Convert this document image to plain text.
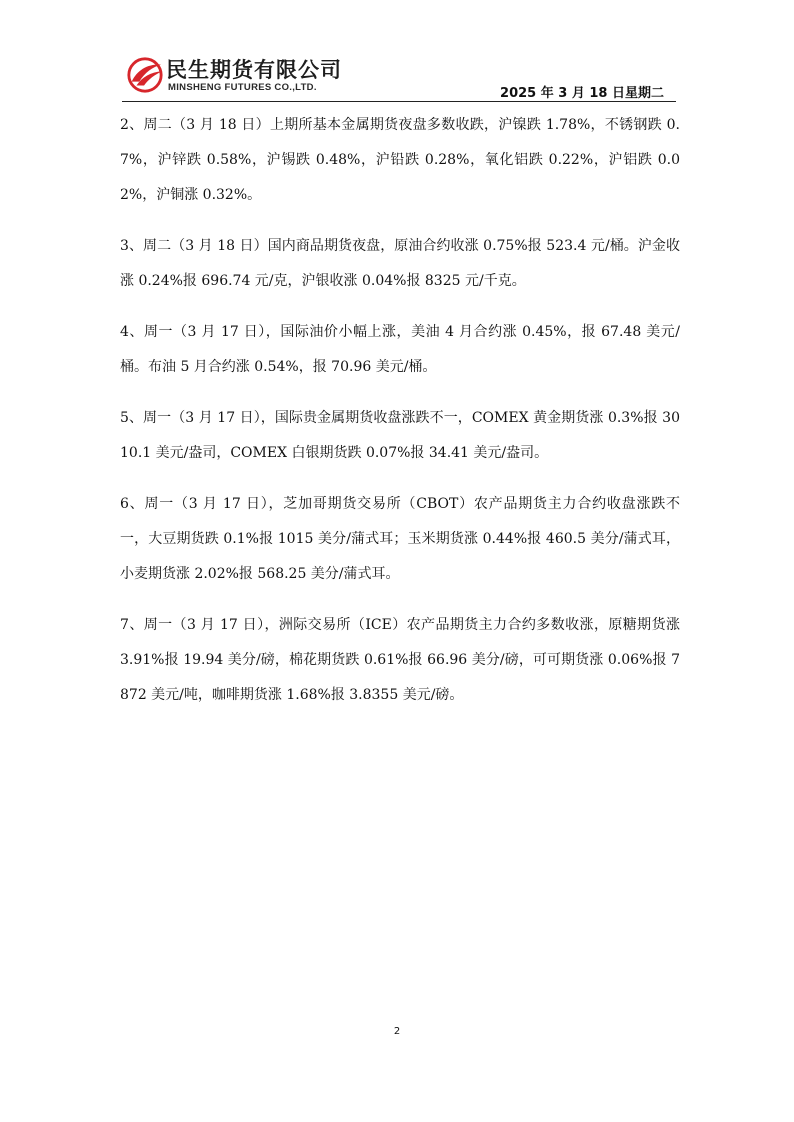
民生期货有限公司
MINSHENG FUTURES CO.,LTD.	2025 年 3 月 18 日星期二

2、周二（3 月 18 日）上期所基本金属期货夜盘多数收跌，沪镍跌 1.78%，不锈钢跌 0.7%，沪锌跌 0.58%，沪锡跌 0.48%，沪铅跌 0.28%，氧化铝跌 0.22%，沪铝跌 0.02%，沪铜涨 0.32%。

3、周二（3 月 18 日）国内商品期货夜盘，原油合约收涨 0.75%报 523.4 元/桶。沪金收涨 0.24%报 696.74 元/克，沪银收涨 0.04%报 8325 元/千克。

4、周一（3 月 17 日），国际油价小幅上涨，美油 4 月合约涨 0.45%，报 67.48 美元/桶。布油 5 月合约涨 0.54%，报 70.96 美元/桶。

5、周一（3 月 17 日），国际贵金属期货收盘涨跌不一，COMEX 黄金期货涨 0.3%报 3010.1 美元/盎司，COMEX 白银期货跌 0.07%报 34.41 美元/盎司。

6、周一（3 月 17 日），芝加哥期货交易所（CBOT）农产品期货主力合约收盘涨跌不一，大豆期货跌 0.1%报 1015 美分/蒲式耳；玉米期货涨 0.44%报 460.5 美分/蒲式耳，小麦期货涨 2.02%报 568.25 美分/蒲式耳。

7、周一（3 月 17 日），洲际交易所（ICE）农产品期货主力合约多数收涨，原糖期货涨 3.91%报 19.94 美分/磅，棉花期货跌 0.61%报 66.96 美分/磅，可可期货涨 0.06%报 7872 美元/吨，咖啡期货涨 1.68%报 3.8355 美元/磅。

2
